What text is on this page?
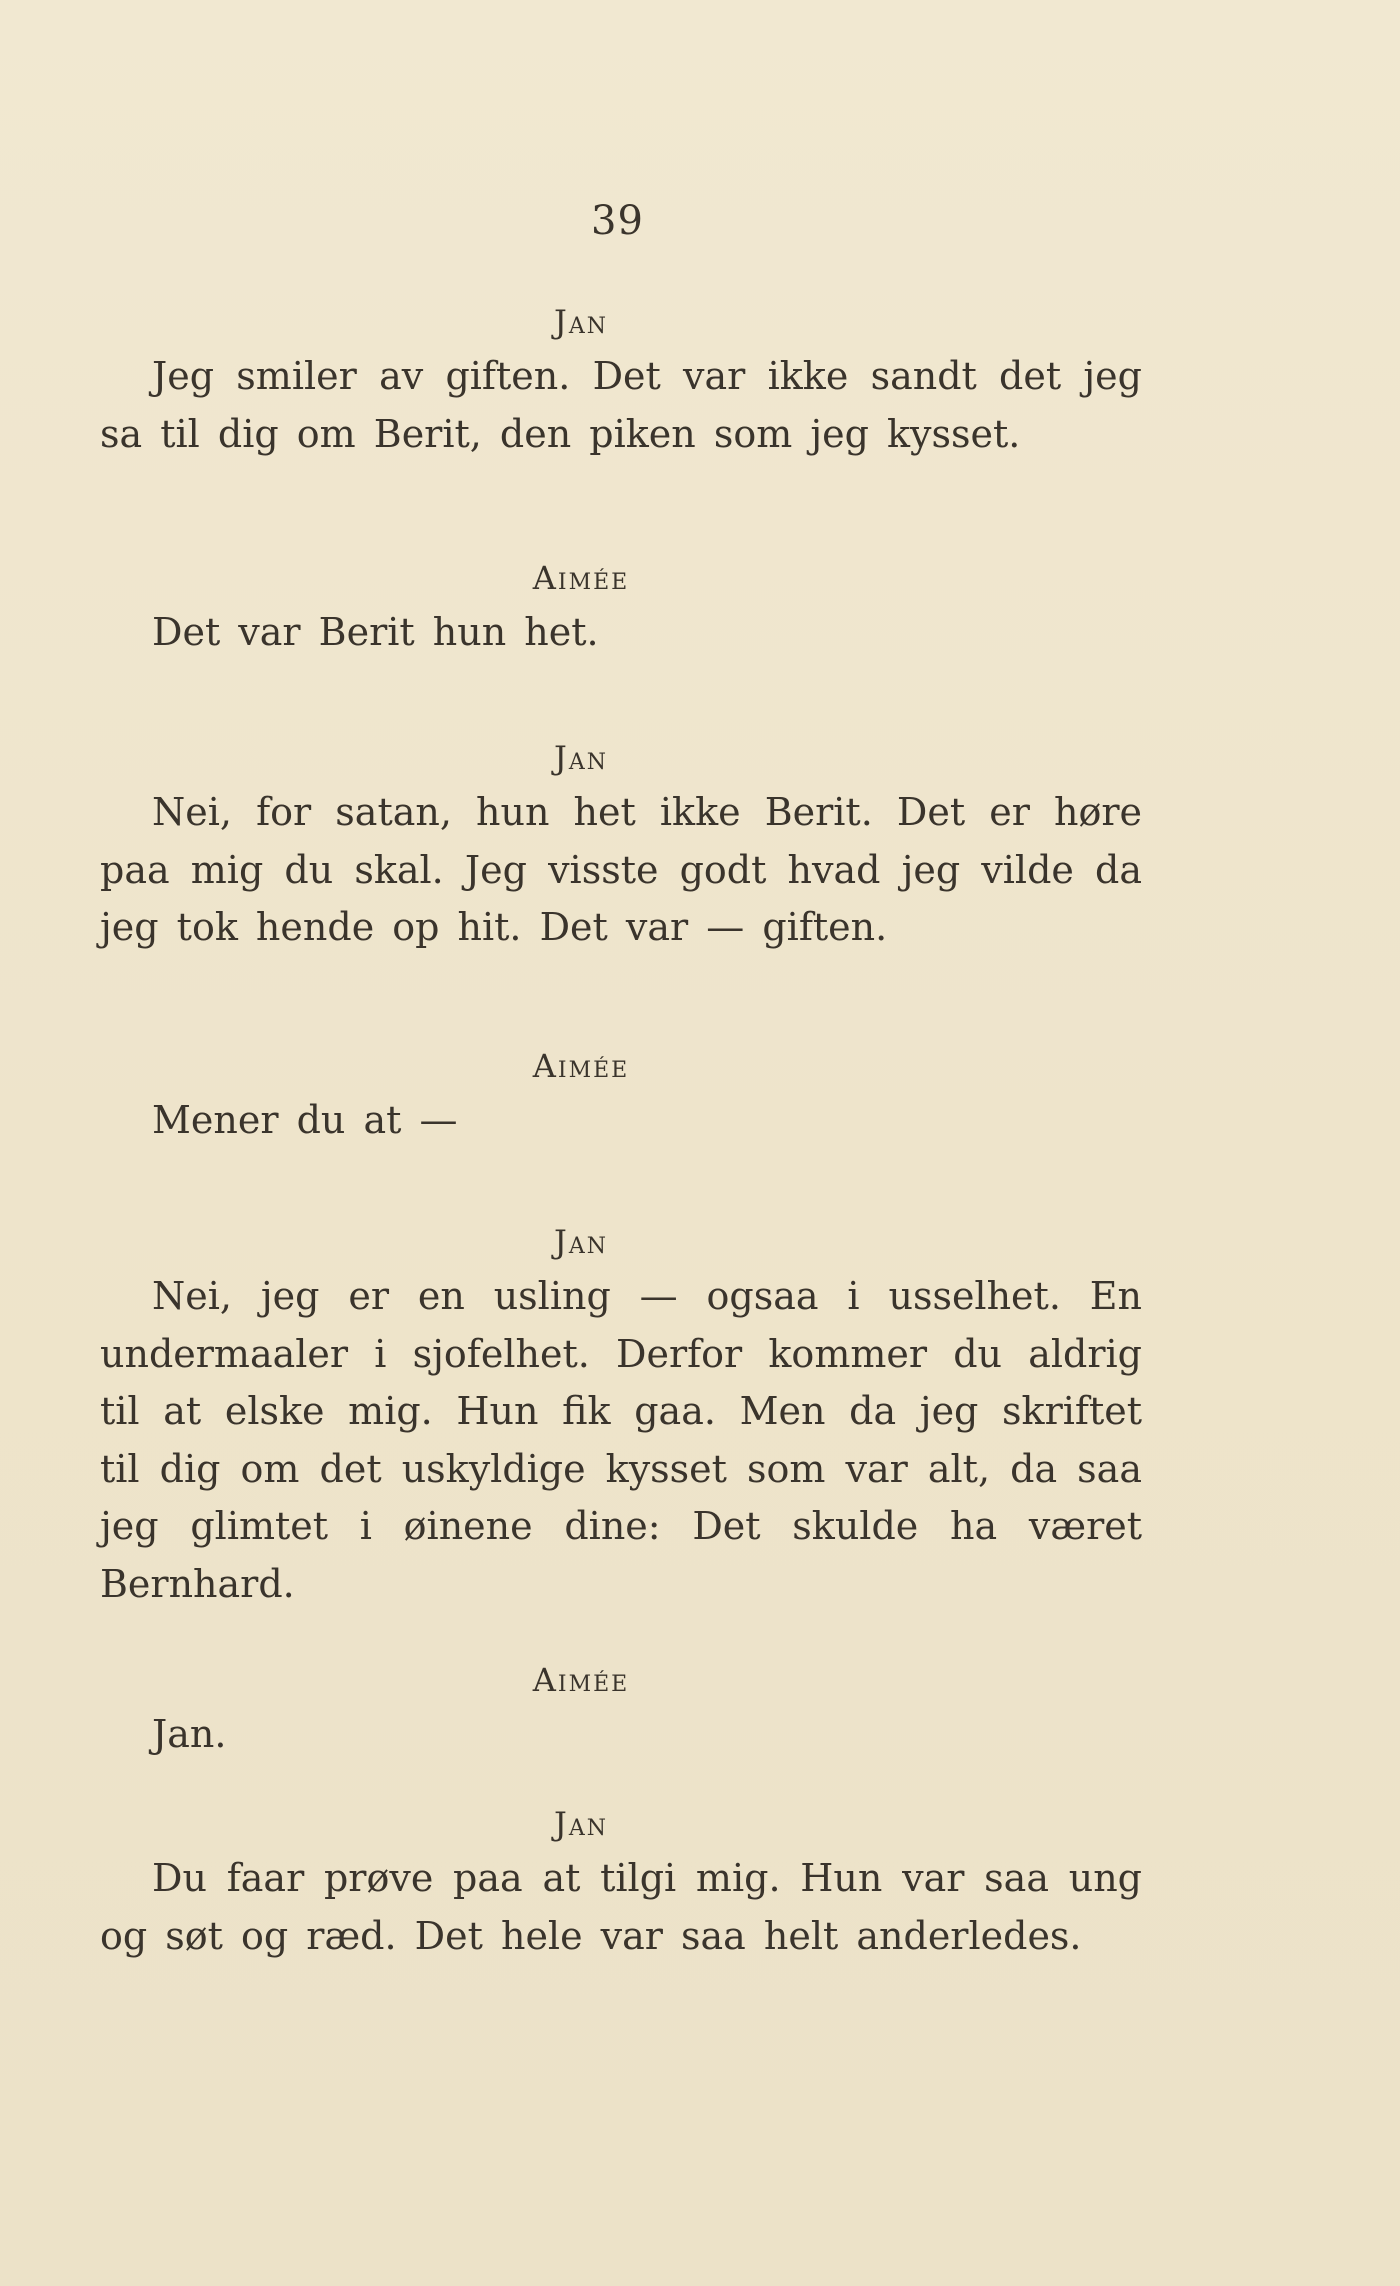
39
Jan
Jeg smiler av giften. Det var ikke sandt det jeg sa til dig om Berit, den piken som jeg kysset.
Aimée
Det var Berit hun het.
Jan
Nei, for satan, hun het ikke Berit. Det er høre paa mig du skal. Jeg visste godt hvad jeg vilde da jeg tok hende op hit. Det var — giften.
Aimée
Mener du at —
Jan
Nei, jeg er en usling — ogsaa i usselhet. En undermaaler i sjofelhet. Derfor kommer du aldrig til at elske mig. Hun fik gaa. Men da jeg skriftet til dig om det uskyldige kysset som var alt, da saa jeg glimtet i øinene dine: Det skulde ha været Bernhard.
Aimée
Jan.
Jan
Du faar prøve paa at tilgi mig. Hun var saa ung og søt og ræd. Det hele var saa helt anderledes.
